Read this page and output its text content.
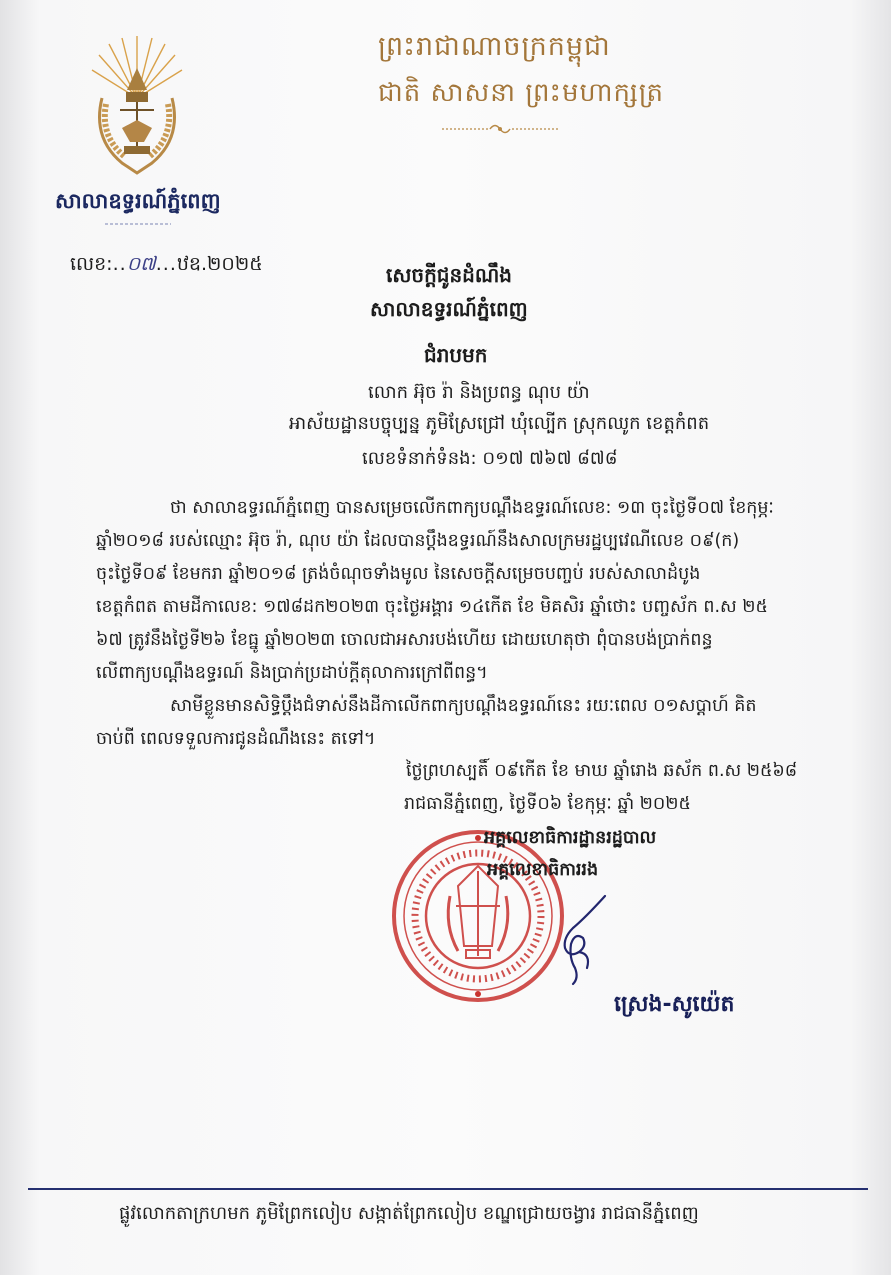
សាលាឧទ្ធរណ៍ភ្នំពេញ
ព្រះរាជាណាចក្រកម្ពុជា
ជាតិ សាសនា ព្រះមហាក្សត្រ
លេខ:..០៧...ឋឧ.២០២៥	សេចក្តីជូនដំណឹង
សាលាឧទ្ធរណ៍ភ្នំពេញ
ជំរាបមក
លោក អ៊ុច រ៉ា និងប្រពន្ធ ណុប យ៉ា
អាស័យដ្ឋានបច្ចុប្បន្ន ភូមិស្រែជ្រៅ ឃុំល្បើក ស្រុកឈូក ខេត្តកំពត
លេខទំនាក់ទំនង: ០១៧ ៧៦៧ ៨៧៨
ថា សាលាឧទ្ធរណ៍ភ្នំពេញ បានសម្រេចលើកពាក្យបណ្ដឹងឧទ្ធរណ៍លេខ: ១៣ ចុះថ្ងៃទី០៧ ខែកុម្ភៈ
ឆ្នាំ២០១៨ របស់ឈ្មោះ អ៊ុច រ៉ា, ណុប យ៉ា ដែលបានប្ដឹងឧទ្ធរណ៍នឹងសាលក្រមរដ្ឋប្បវេណីលេខ ០៩(ក)
ចុះថ្ងៃទី០៩ ខែមករា ឆ្នាំ២០១៨ ត្រង់ចំណុចទាំងមូល នៃសេចក្ដីសម្រេចបញ្ចប់ របស់សាលាដំបូង
ខេត្តកំពត តាមដីកាលេខ: ១៧៨ដក២០២៣ ចុះថ្ងៃអង្គារ ១៤កើត ខែ មិគសិរ ឆ្នាំថោះ បញ្ចស័ក ព.ស ២៥
៦៧ ត្រូវនឹងថ្ងៃទី២៦ ខែធ្នូ ឆ្នាំ២០២៣ ចោលជាអសារបង់ហើយ ដោយហេតុថា ពុំបានបង់ប្រាក់ពន្ធ
លើពាក្យបណ្ដឹងឧទ្ធរណ៍ និងប្រាក់ប្រដាប់ក្ដីតុលាការក្រៅពីពន្ធ។
សាមីខ្លួនមានសិទ្ធិប្ដឹងជំទាស់នឹងដីកាលើកពាក្យបណ្ដឹងឧទ្ធរណ៍នេះ រយៈពេល ០១សប្ដាហ៍ គិត
ចាប់ពី ពេលទទួលការជូនដំណឹងនេះ តទៅ។
ថ្ងៃព្រហស្បតិ៍ ០៩កើត ខែ មាឃ ឆ្នាំរោង ឆស័ក ព.ស ២៥៦៨
រាជធានីភ្នំពេញ, ថ្ងៃទី០៦ ខែកុម្ភៈ ឆ្នាំ ២០២៥
អគ្គលេខាធិការដ្ឋានរដ្ឋបាល
អគ្គលេខាធិការរង
ស្រេង-សូយ៉េត
ផ្លូវលោកតាក្រហមក ភូមិព្រែកលៀប សង្កាត់ព្រែកលៀប ខណ្ឌជ្រោយចង្វារ រាជធានីភ្នំពេញ
